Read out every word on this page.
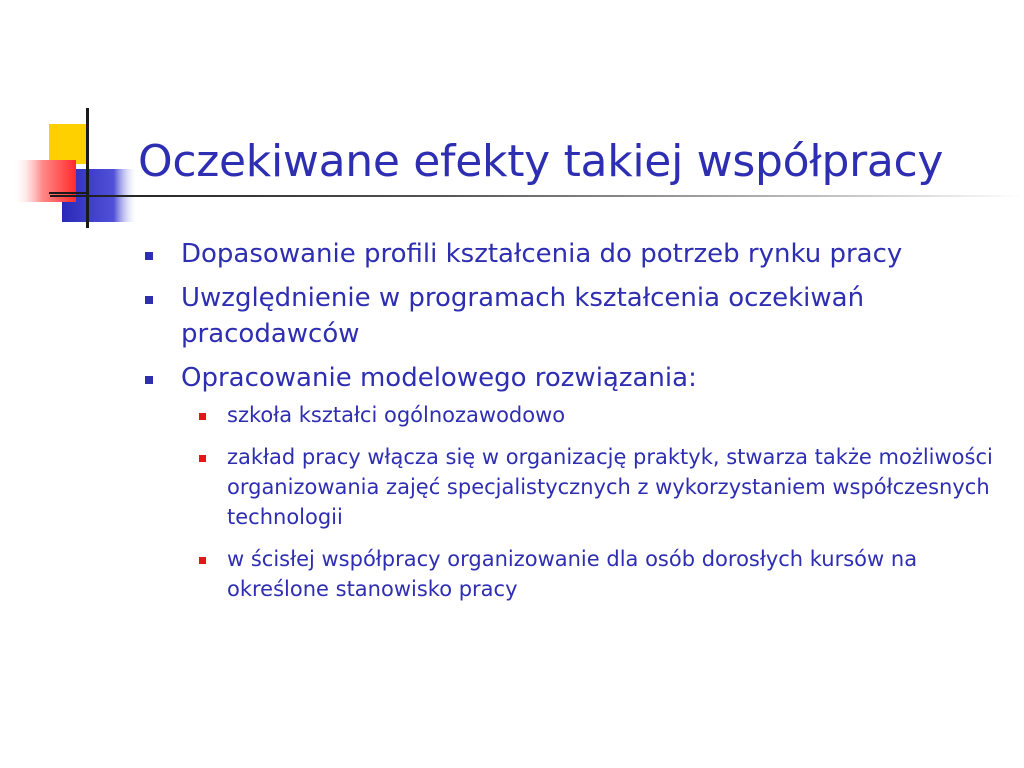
Oczekiwane efekty takiej współpracy
Dopasowanie profili kształcenia do potrzeb rynku pracy
Uwzględnienie w programach kształcenia oczekiwań pracodawców
Opracowanie modelowego rozwiązania:
szkoła kształci ogólnozawodowo
zakład pracy włącza się w organizację praktyk, stwarza także możliwości organizowania zajęć specjalistycznych z wykorzystaniem współczesnych technologii
w ścisłej współpracy organizowanie dla osób dorosłych kursów na określone stanowisko pracy
